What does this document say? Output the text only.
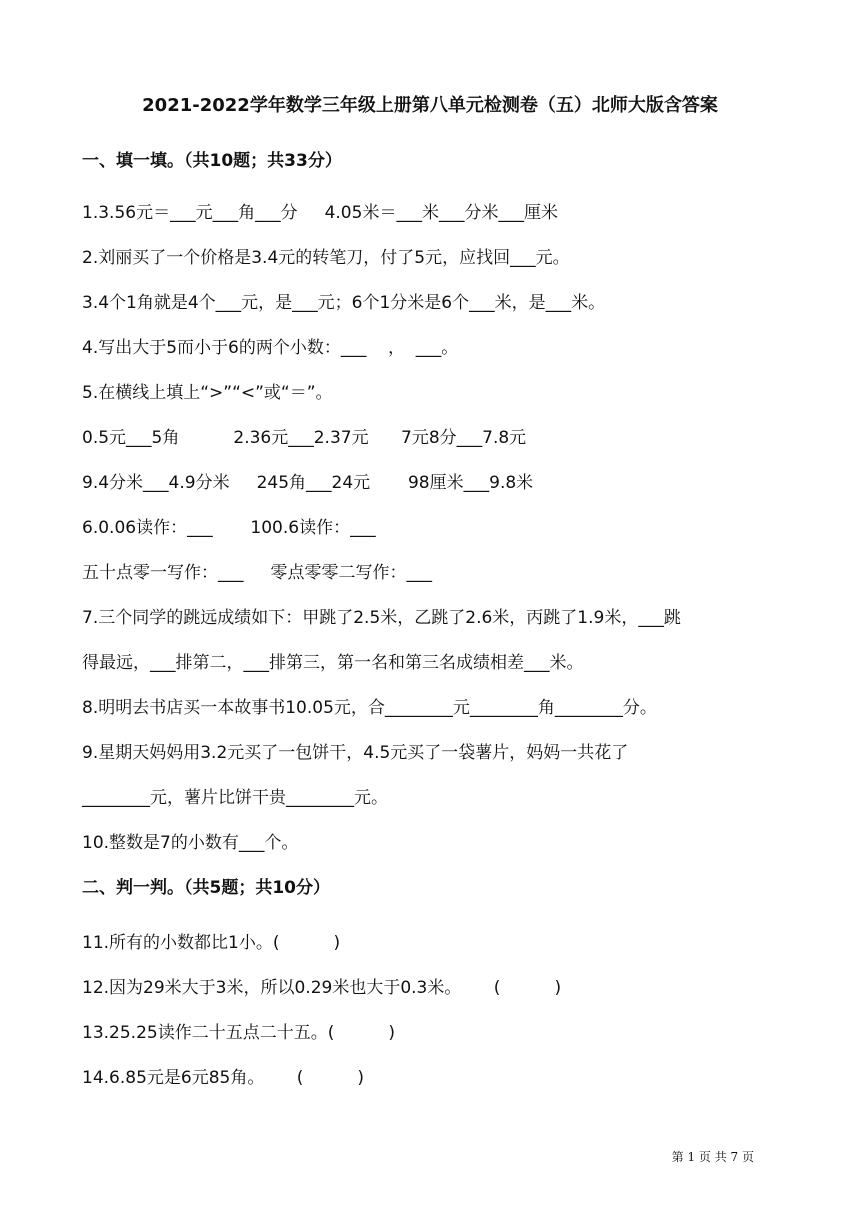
2021-2022学年数学三年级上册第八单元检测卷（五）北师大版含答案
一、填一填。（共10题；共33分）
1.3.56元＝___元___角___分     4.05米＝___米___分米___厘米
2.刘丽买了一个价格是3.4元的转笔刀，付了5元，应找回___元。
3.4个1角就是4个___元，是___元；6个1分米是6个___米，是___米。
4.写出大于5而小于6的两个小数：___    ，  ___。
5.在横线上填上“>”“<”或“＝”。
0.5元___5角          2.36元___2.37元      7元8分___7.8元
9.4分米___4.9分米     245角___24元       98厘米___9.8米
6.0.06读作：___       100.6读作：___
五十点零一写作：___     零点零零二写作：___
7.三个同学的跳远成绩如下：甲跳了2.5米，乙跳了2.6米，丙跳了1.9米，___跳
得最远，___排第二，___排第三，第一名和第三名成绩相差___米。
8.明明去书店买一本故事书10.05元，合________元________角________分。
9.星期天妈妈用3.2元买了一包饼干，4.5元买了一袋薯片，妈妈一共花了
________元，薯片比饼干贵________元。
10.整数是7的小数有___个。
二、判一判。（共5题；共10分）
11.所有的小数都比1小。(          )
12.因为29米大于3米，所以0.29米也大于0.3米。      (          )
13.25.25读作二十五点二十五。(          )
14.6.85元是6元85角。      (          )
第 1 页 共 7 页
